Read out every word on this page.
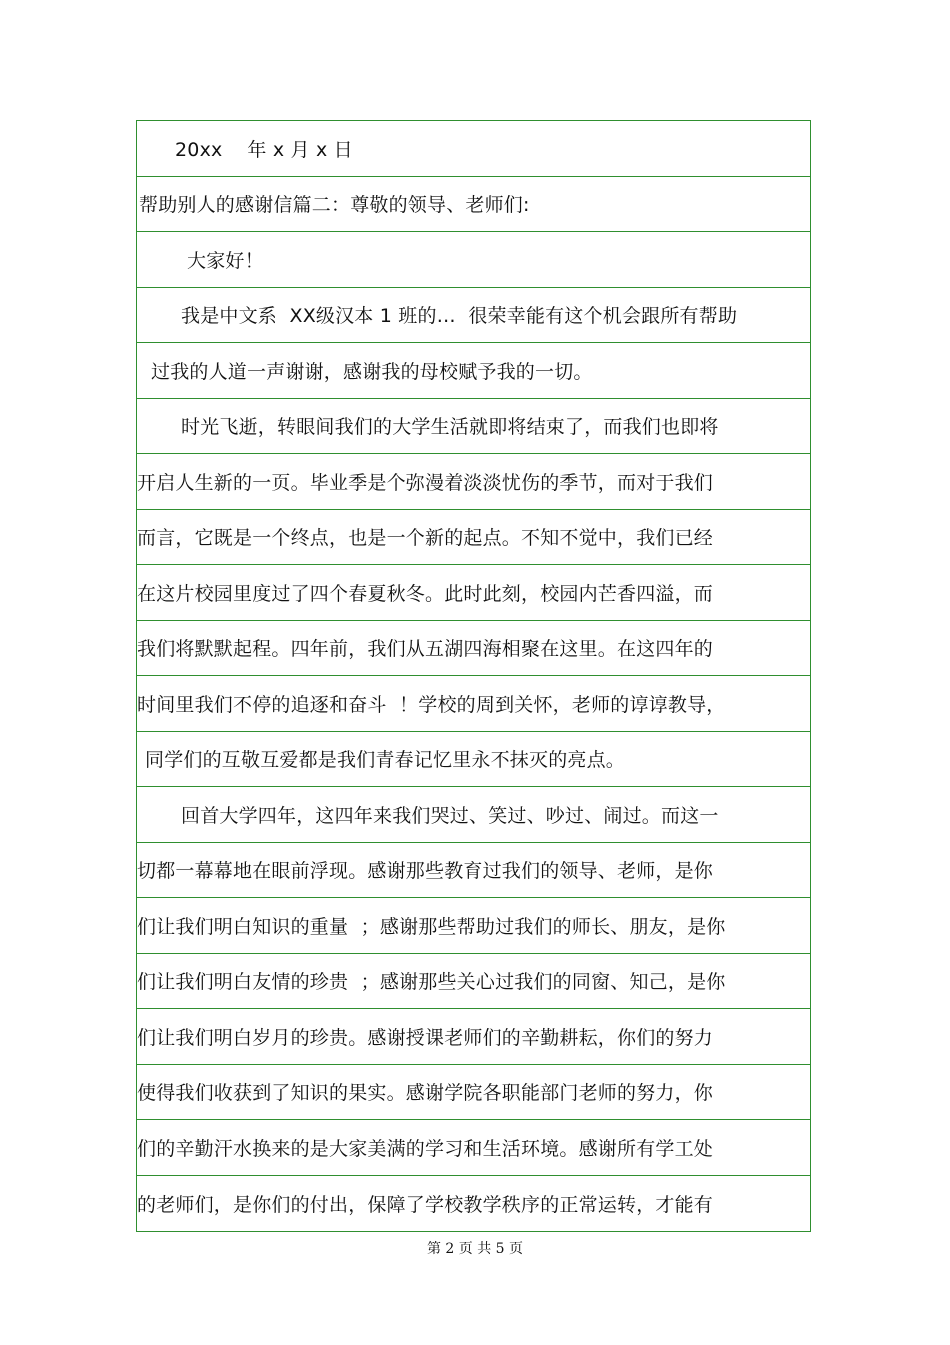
20xx    年 x 月 x 日
帮助别人的感谢信篇二：尊敬的领导、老师们:
大家好！
我是中文系  XX级汉本 1 班的…  很荣幸能有这个机会跟所有帮助
过我的人道一声谢谢，感谢我的母校赋予我的一切。
时光飞逝，转眼间我们的大学生活就即将结束了，而我们也即将
开启人生新的一页。毕业季是个弥漫着淡淡忧伤的季节，而对于我们
而言，它既是一个终点，也是一个新的起点。不知不觉中，我们已经
在这片校园里度过了四个春夏秋冬。此时此刻，校园内芒香四溢，而
我们将默默起程。四年前，我们从五湖四海相聚在这里。在这四年的
时间里我们不停的追逐和奋斗  ！学校的周到关怀，老师的谆谆教导，
同学们的互敬互爱都是我们青春记忆里永不抹灭的亮点。
回首大学四年，这四年来我们哭过、笑过、吵过、闹过。而这一
切都一幕幕地在眼前浮现。感谢那些教育过我们的领导、老师，是你
们让我们明白知识的重量  ；感谢那些帮助过我们的师长、朋友，是你
们让我们明白友情的珍贵  ；感谢那些关心过我们的同窗、知己，是你
们让我们明白岁月的珍贵。感谢授课老师们的辛勤耕耘，你们的努力
使得我们收获到了知识的果实。感谢学院各职能部门老师的努力，你
们的辛勤汗水换来的是大家美满的学习和生活环境。感谢所有学工处
的老师们，是你们的付出，保障了学校教学秩序的正常运转，才能有
第 2 页 共 5 页
